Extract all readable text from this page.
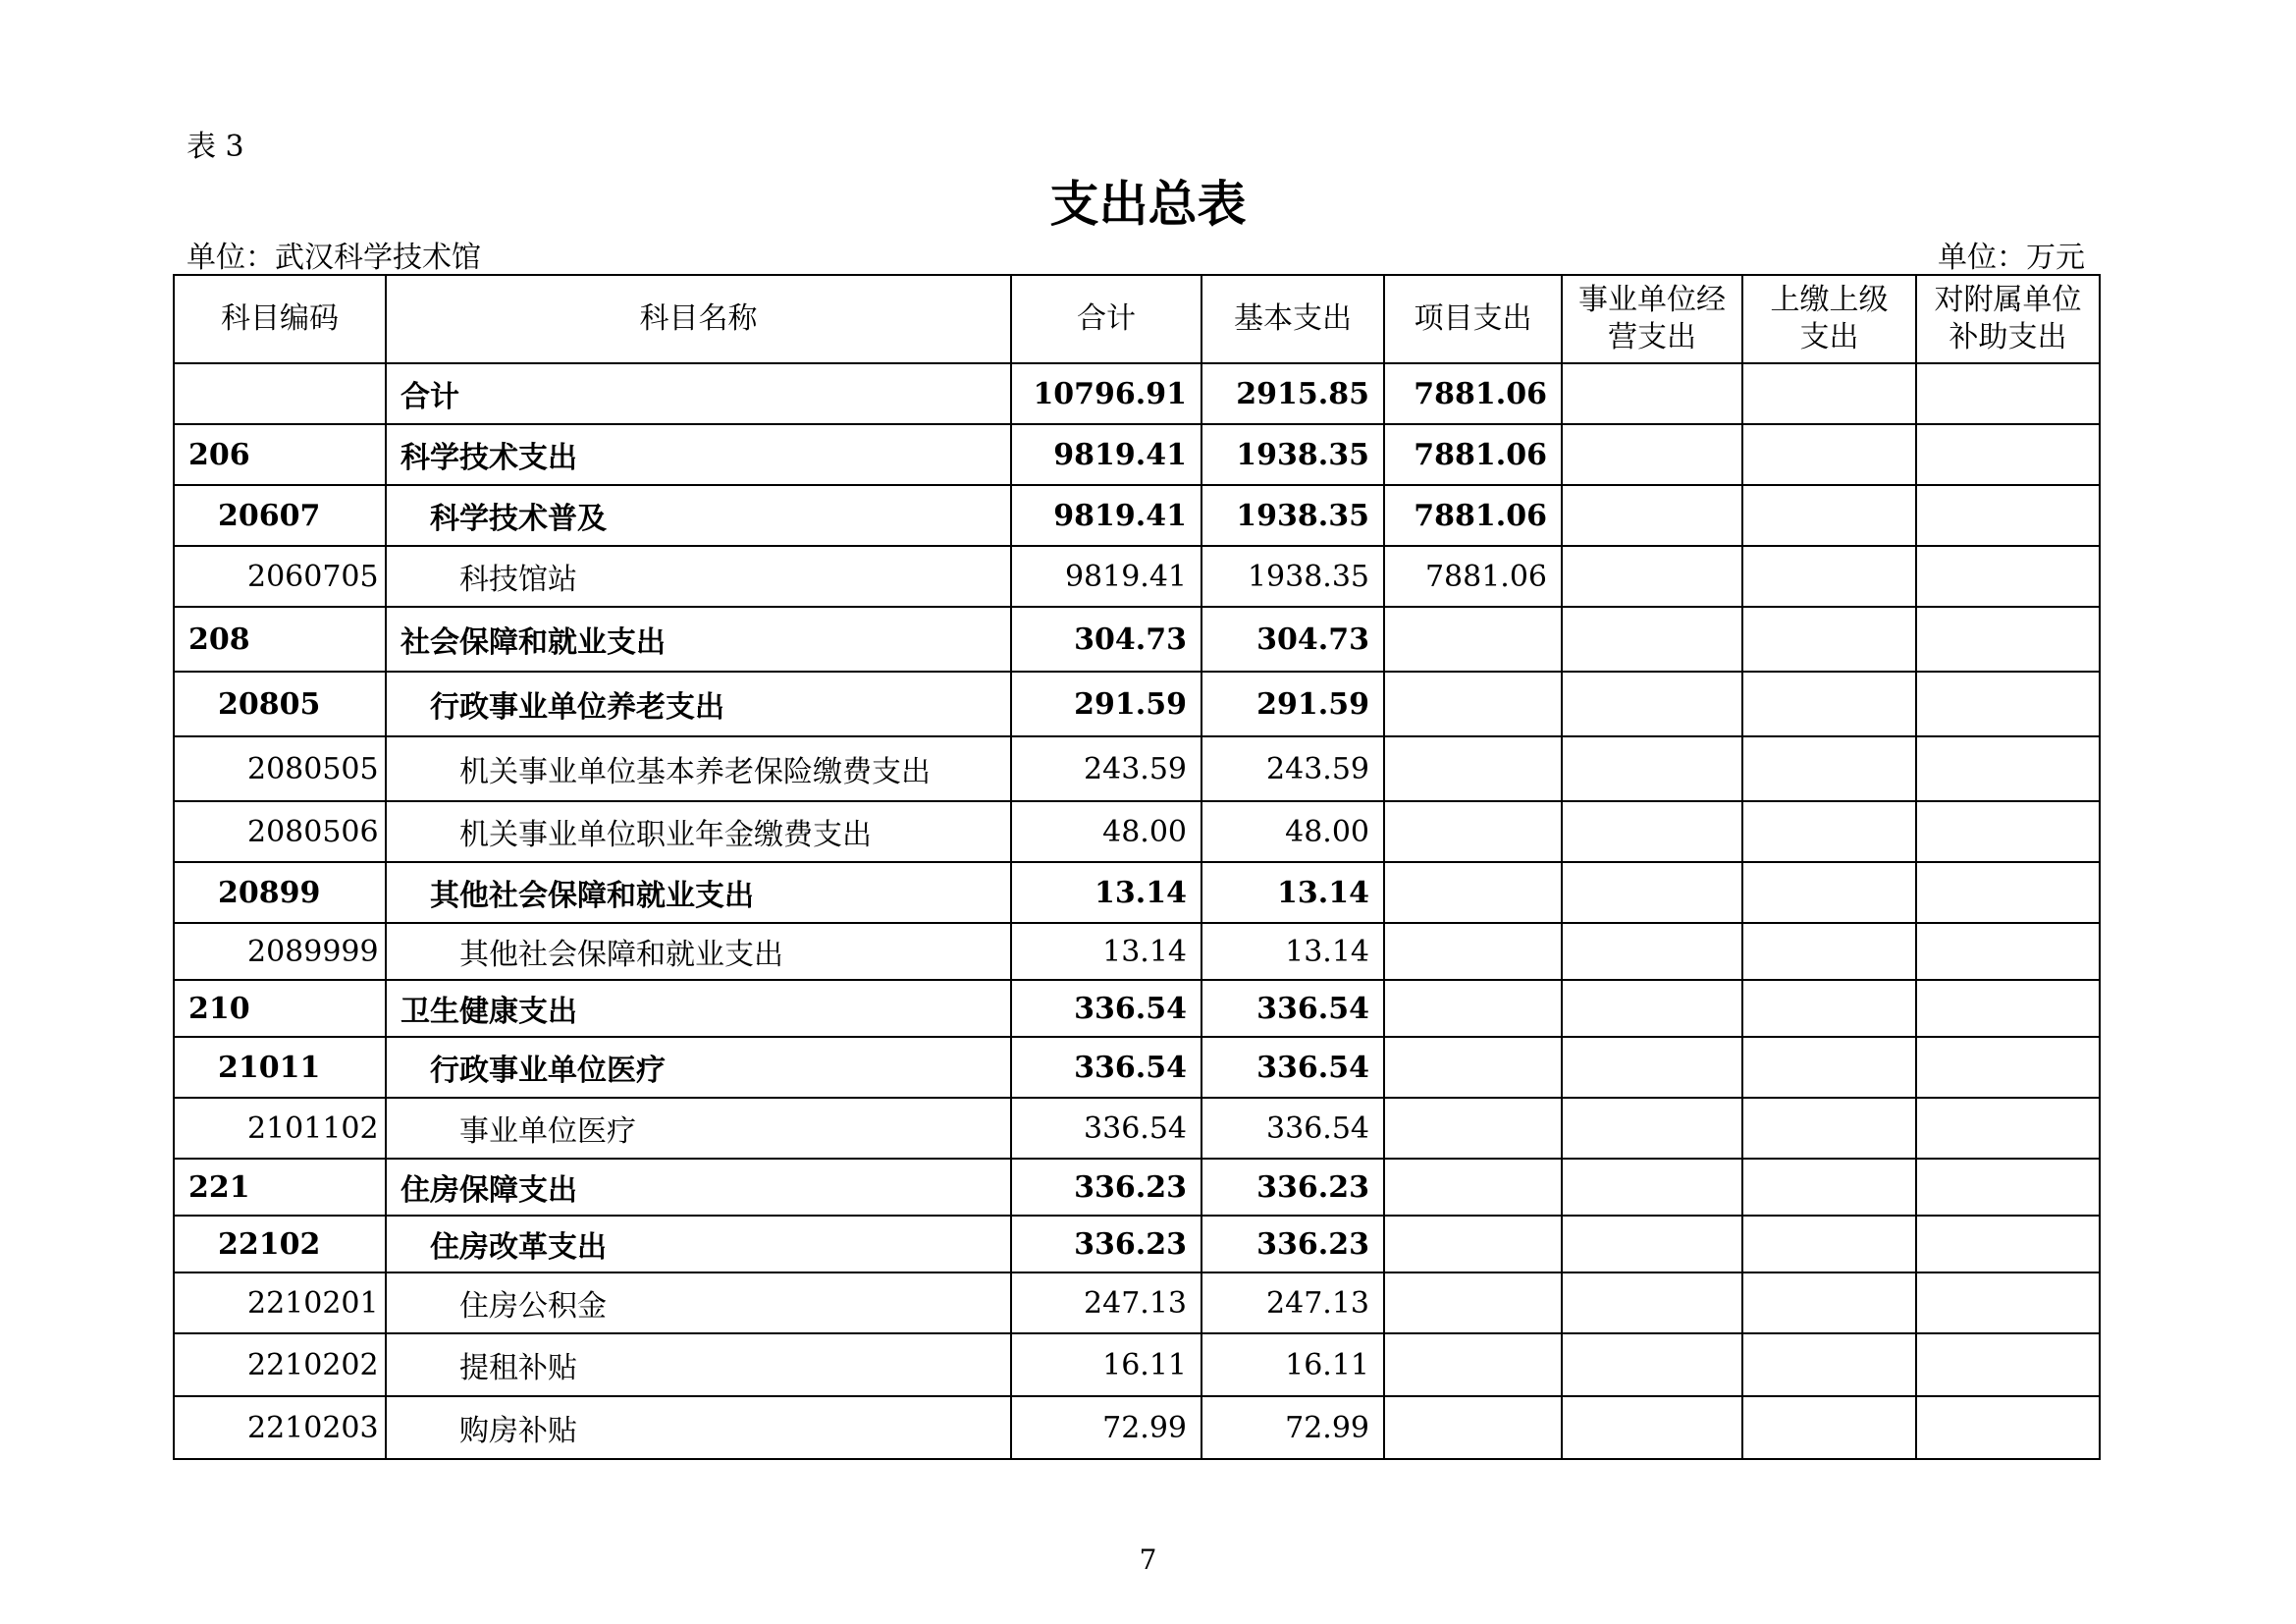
表 3
支出总表
单位：武汉科学技术馆	单位：万元
科目编码	科目名称	合计	基本支出	项目支出	事业单位经营支出	上缴上级支出	对附属单位补助支出
	合计	10796.91	2915.85	7881.06			
206	科学技术支出	9819.41	1938.35	7881.06			
20607	科学技术普及	9819.41	1938.35	7881.06			
2060705	科技馆站	9819.41	1938.35	7881.06			
208	社会保障和就业支出	304.73	304.73				
20805	行政事业单位养老支出	291.59	291.59				
2080505	机关事业单位基本养老保险缴费支出	243.59	243.59				
2080506	机关事业单位职业年金缴费支出	48.00	48.00				
20899	其他社会保障和就业支出	13.14	13.14				
2089999	其他社会保障和就业支出	13.14	13.14				
210	卫生健康支出	336.54	336.54				
21011	行政事业单位医疗	336.54	336.54				
2101102	事业单位医疗	336.54	336.54				
221	住房保障支出	336.23	336.23				
22102	住房改革支出	336.23	336.23				
2210201	住房公积金	247.13	247.13				
2210202	提租补贴	16.11	16.11				
2210203	购房补贴	72.99	72.99				
7
